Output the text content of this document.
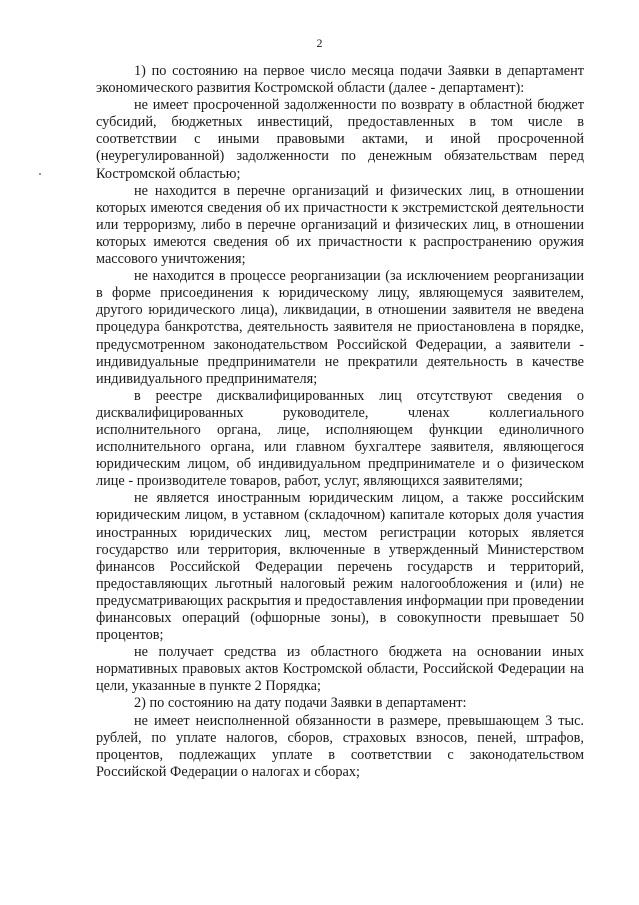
2

1) по состоянию на первое число месяца подачи Заявки в департамент экономического развития Костромской области (далее - департамент):

не имеет просроченной задолженности по возврату в областной бюджет субсидий, бюджетных инвестиций, предоставленных в том числе в соответствии с иными правовыми актами, и иной просроченной (неурегулированной) задолженности по денежным обязательствам перед Костромской областью;

не находится в перечне организаций и физических лиц, в отношении которых имеются сведения об их причастности к экстремистской деятельности или терроризму, либо в перечне организаций и физических лиц, в отношении которых имеются сведения об их причастности к распространению оружия массового уничтожения;

не находится в процессе реорганизации (за исключением реорганизации в форме присоединения к юридическому лицу, являющемуся заявителем, другого юридического лица), ликвидации, в отношении заявителя не введена процедура банкротства, деятельность заявителя не приостановлена в порядке, предусмотренном законодательством Российской Федерации, а заявители - индивидуальные предприниматели не прекратили деятельность в качестве индивидуального предпринимателя;

в реестре дисквалифицированных лиц отсутствуют сведения о дисквалифицированных руководителе, членах коллегиального исполнительного органа, лице, исполняющем функции единоличного исполнительного органа, или главном бухгалтере заявителя, являющегося юридическим лицом, об индивидуальном предпринимателе и о физическом лице - производителе товаров, работ, услуг, являющихся заявителями;

не является иностранным юридическим лицом, а также российским юридическим лицом, в уставном (складочном) капитале которых доля участия иностранных юридических лиц, местом регистрации которых является государство или территория, включенные в утвержденный Министерством финансов Российской Федерации перечень государств и территорий, предоставляющих льготный налоговый режим налогообложения и (или) не предусматривающих раскрытия и предоставления информации при проведении финансовых операций (офшорные зоны), в совокупности превышает 50 процентов;

не получает средства из областного бюджета на основании иных нормативных правовых актов Костромской области, Российской Федерации на цели, указанные в пункте 2 Порядка;

2) по состоянию на дату подачи Заявки в департамент:

не имеет неисполненной обязанности в размере, превышающем 3 тыс. рублей, по уплате налогов, сборов, страховых взносов, пеней, штрафов, процентов, подлежащих уплате в соответствии с законодательством Российской Федерации о налогах и сборах;
